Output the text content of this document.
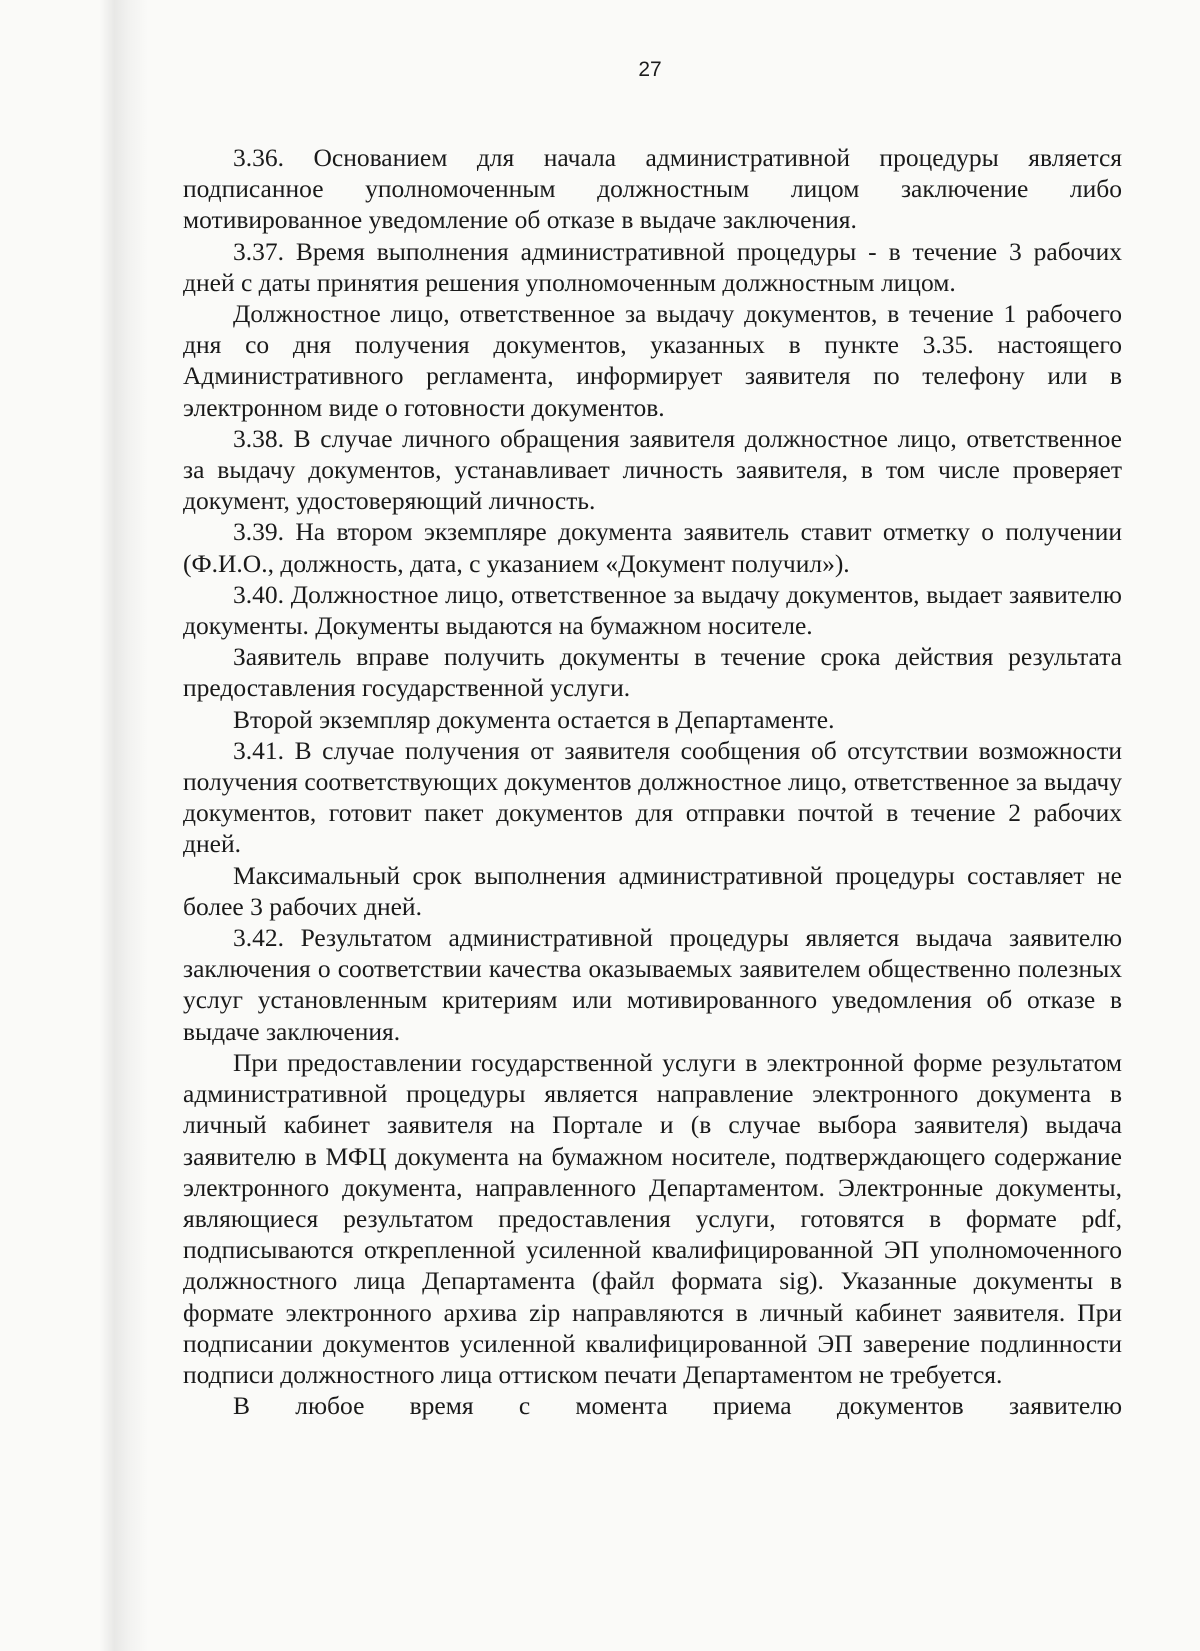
27

3.36. Основанием для начала административной процедуры является подписанное уполномоченным должностным лицом заключение либо мотивированное уведомление об отказе в выдаче заключения.

3.37. Время выполнения административной процедуры - в течение 3 рабочих дней с даты принятия решения уполномоченным должностным лицом.

Должностное лицо, ответственное за выдачу документов, в течение 1 рабочего дня со дня получения документов, указанных в пункте 3.35. настоящего Административного регламента, информирует заявителя по телефону или в электронном виде о готовности документов.

3.38. В случае личного обращения заявителя должностное лицо, ответственное за выдачу документов, устанавливает личность заявителя, в том числе проверяет документ, удостоверяющий личность.

3.39. На втором экземпляре документа заявитель ставит отметку о получении (Ф.И.О., должность, дата, с указанием «Документ получил»).

3.40. Должностное лицо, ответственное за выдачу документов, выдает заявителю документы. Документы выдаются на бумажном носителе.

Заявитель вправе получить документы в течение срока действия результата предоставления государственной услуги.

Второй экземпляр документа остается в Департаменте.

3.41. В случае получения от заявителя сообщения об отсутствии возможности получения соответствующих документов должностное лицо, ответственное за выдачу документов, готовит пакет документов для отправки почтой в течение 2 рабочих дней.

Максимальный срок выполнения административной процедуры составляет не более 3 рабочих дней.

3.42. Результатом административной процедуры является выдача заявителю заключения о соответствии качества оказываемых заявителем общественно полезных услуг установленным критериям или мотивированного уведомления об отказе в выдаче заключения.

При предоставлении государственной услуги в электронной форме результатом административной процедуры является направление электронного документа в личный кабинет заявителя на Портале и (в случае выбора заявителя) выдача заявителю в МФЦ документа на бумажном носителе, подтверждающего содержание электронного документа, направленного Департаментом. Электронные документы, являющиеся результатом предоставления услуги, готовятся в формате pdf, подписываются открепленной усиленной квалифицированной ЭП уполномоченного должностного лица Департамента (файл формата sig). Указанные документы в формате электронного архива zip направляются в личный кабинет заявителя. При подписании документов усиленной квалифицированной ЭП заверение подлинности подписи должностного лица оттиском печати Департаментом не требуется.

В любое время с момента приема документов заявителю
